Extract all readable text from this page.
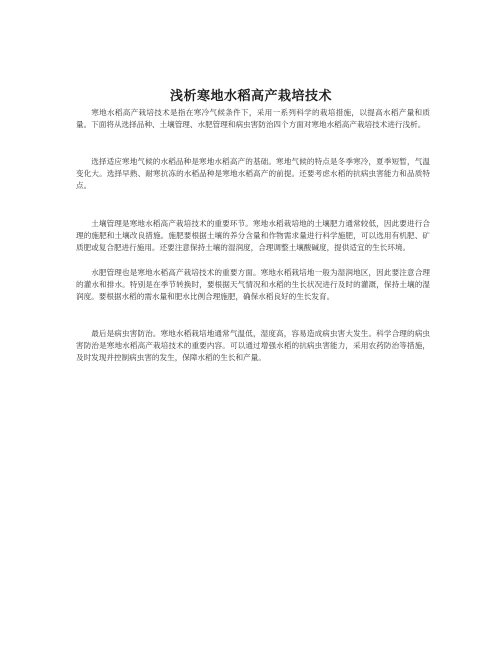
浅析寒地水稻高产栽培技术

寒地水稻高产栽培技术是指在寒冷气候条件下，采用一系列科学的栽培措施，以提高水稻产量和质量。下面将从选择品种、土壤管理、水肥管理和病虫害防治四个方面对寒地水稻高产栽培技术进行浅析。

选择适应寒地气候的水稻品种是寒地水稻高产的基础。寒地气候的特点是冬季寒冷，夏季短暂，气温变化大。选择早熟、耐寒抗冻的水稻品种是寒地水稻高产的前提。还要考虑水稻的抗病虫害能力和品质特点。

土壤管理是寒地水稻高产栽培技术的重要环节。寒地水稻栽培地的土壤肥力通常较低，因此要进行合理的施肥和土壤改良措施。施肥要根据土壤的养分含量和作物需求量进行科学施肥，可以选用有机肥、矿质肥或复合肥进行施用。还要注意保持土壤的湿润度，合理调整土壤酸碱度，提供适宜的生长环境。

水肥管理也是寒地水稻高产栽培技术的重要方面。寒地水稻栽培地一般为湿润地区，因此要注意合理的灌水和排水。特别是在季节转换时，要根据天气情况和水稻的生长状况进行及时的灌溉，保持土壤的湿润度。要根据水稻的需水量和肥水比例合理施肥，确保水稻良好的生长发育。

最后是病虫害防治。寒地水稻栽培地通常气温低，湿度高，容易造成病虫害大发生。科学合理的病虫害防治是寒地水稻高产栽培技术的重要内容。可以通过增强水稻的抗病虫害能力，采用农药防治等措施，及时发现并控制病虫害的发生，保障水稻的生长和产量。
